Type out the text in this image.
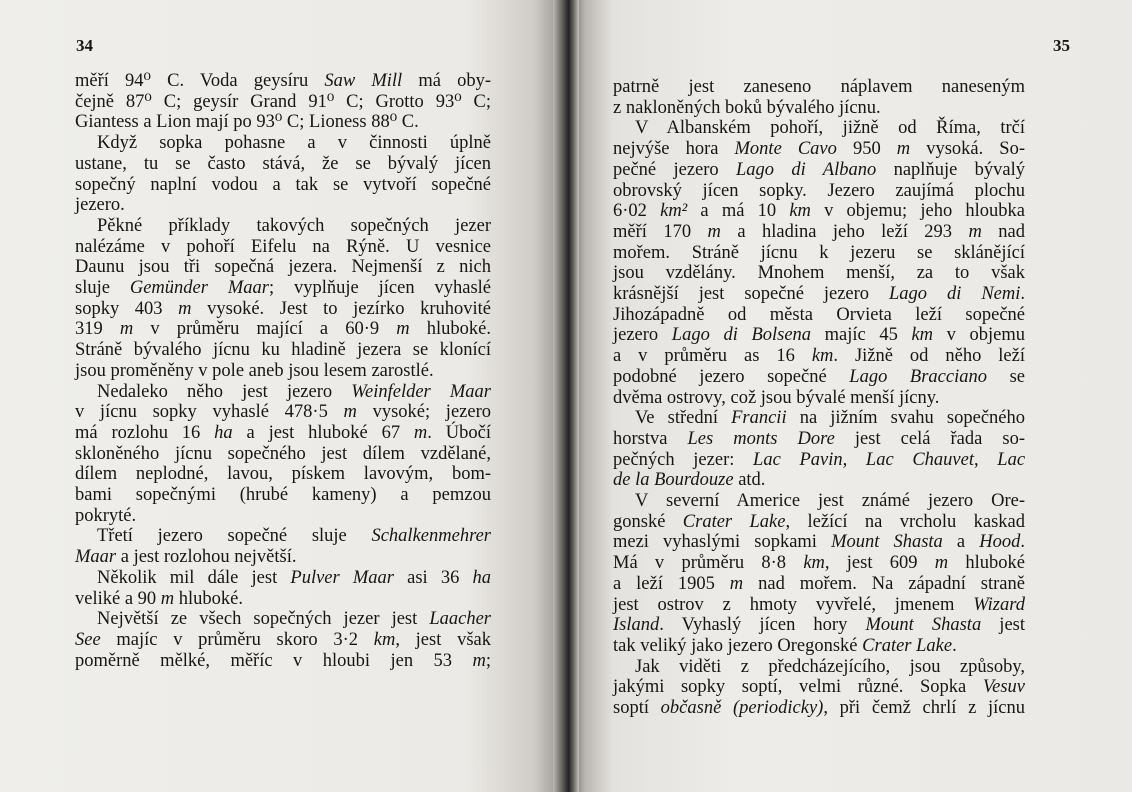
34
měří 94⁰ C. Voda geysíru Saw Mill má oby-
čejně 87⁰ C; geysír Grand 91⁰ C; Grotto 93⁰ C;
Giantess a Lion mají po 93⁰ C; Lioness 88⁰ C.
Když sopka pohasne a v činnosti úplně
ustane, tu se často stává, že se bývalý jícen
sopečný naplní vodou a tak se vytvoří sopečné
jezero.
Pěkné příklady takových sopečných jezer
nalézáme v pohoří Eifelu na Rýně. U vesnice
Daunu jsou tři sopečná jezera. Nejmenší z nich
sluje Gemünder Maar; vyplňuje jícen vyhaslé
sopky 403 m vysoké. Jest to jezírko kruhovité
319 m v průměru mající a 60·9 m hluboké.
Stráně bývalého jícnu ku hladině jezera se klonící
jsou proměněny v pole aneb jsou lesem zarostlé.
Nedaleko něho jest jezero Weinfelder Maar
v jícnu sopky vyhaslé 478·5 m vysoké; jezero
má rozlohu 16 ha a jest hluboké 67 m. Úbočí
skloněného jícnu sopečného jest dílem vzdělané,
dílem neplodné, lavou, pískem lavovým, bom-
bami sopečnými (hrubé kameny) a pemzou
pokryté.
Třetí jezero sopečné sluje Schalkenmehrer
Maar a jest rozlohou největší.
Několik mil dále jest Pulver Maar asi 36 ha
veliké a 90 m hluboké.
Největší ze všech sopečných jezer jest Laacher
See majíc v průměru skoro 3·2 km, jest však
poměrně mělké, měříc v hloubi jen 53 m;
35
patrně jest zaneseno náplavem naneseným
z nakloněných boků bývalého jícnu.
V Albanském pohoří, jižně od Říma, trčí
nejvýše hora Monte Cavo 950 m vysoká. So-
pečné jezero Lago di Albano naplňuje bývalý
obrovský jícen sopky. Jezero zaujímá plochu
6·02 km² a má 10 km v objemu; jeho hloubka
měří 170 m a hladina jeho leží 293 m nad
mořem. Stráně jícnu k jezeru se sklánějící
jsou vzdělány. Mnohem menší, za to však
krásnější jest sopečné jezero Lago di Nemi.
Jihozápadně od města Orvieta leží sopečné
jezero Lago di Bolsena majíc 45 km v objemu
a v průměru as 16 km. Jižně od něho leží
podobné jezero sopečné Lago Bracciano se
dvěma ostrovy, což jsou bývalé menší jícny.
Ve střední Francii na jižním svahu sopečného
horstva Les monts Dore jest celá řada so-
pečných jezer: Lac Pavin, Lac Chauvet, Lac
de la Bourdouze atd.
V severní Americe jest známé jezero Ore-
gonské Crater Lake, ležící na vrcholu kaskad
mezi vyhaslými sopkami Mount Shasta a Hood.
Má v průměru 8·8 km, jest 609 m hluboké
a leží 1905 m nad mořem. Na západní straně
jest ostrov z hmoty vyvřelé, jmenem Wizard
Island. Vyhaslý jícen hory Mount Shasta jest
tak veliký jako jezero Oregonské Crater Lake.
Jak viděti z předcházejícího, jsou způsoby,
jakými sopky soptí, velmi různé. Sopka Vesuv
soptí občasně (periodicky), při čemž chrlí z jícnu
